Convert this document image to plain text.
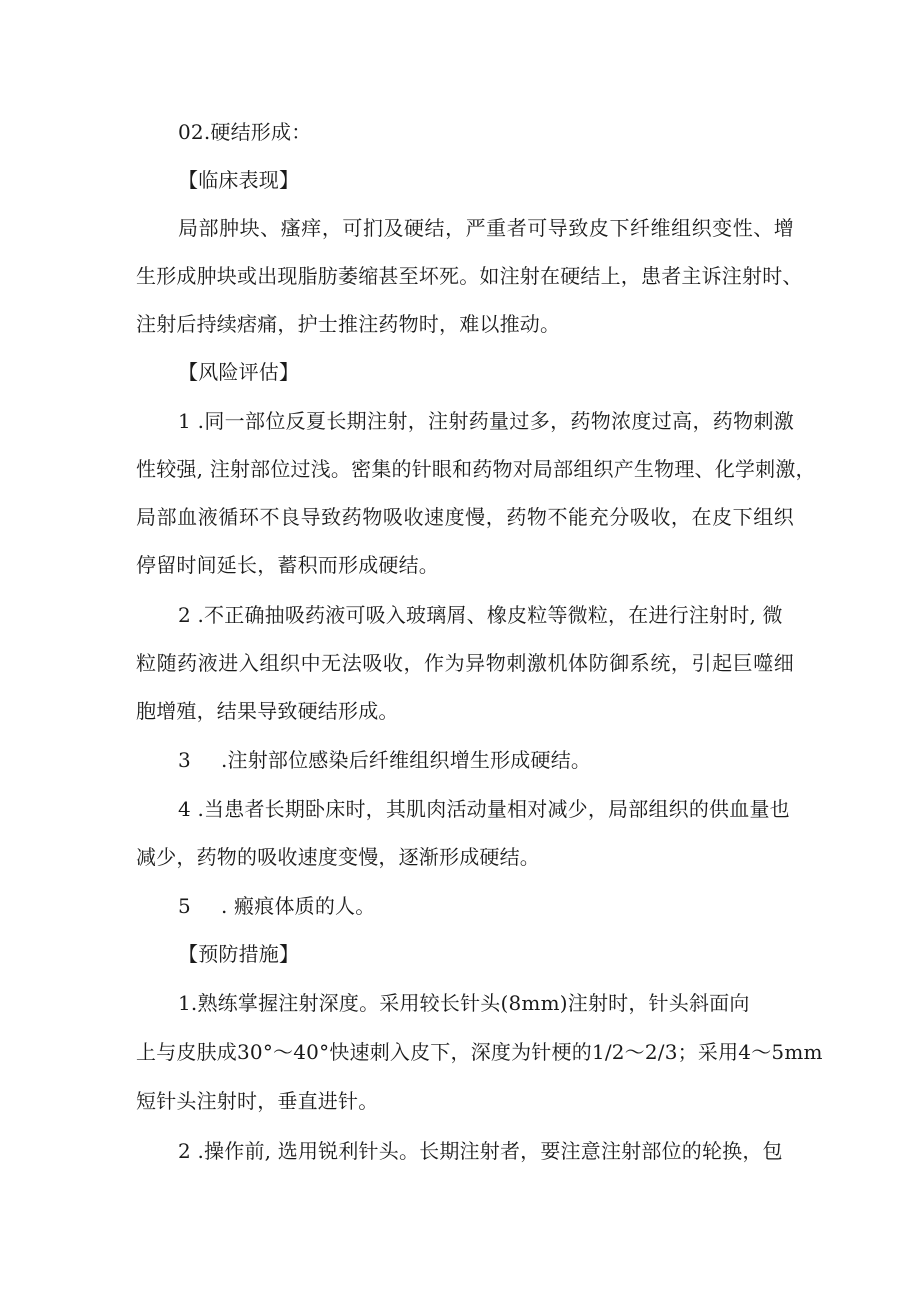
02.硬结形成：
【临床表现】
局部肿块、瘙痒，可扪及硬结，严重者可导致皮下纤维组织变性、增
生形成肿块或出现脂肪萎缩甚至坏死。如注射在硬结上，患者主诉注射时、
注射后持续痞痛，护士推注药物时，难以推动。
【风险评估】
1 .同一部位反夏长期注射，注射药量过多，药物浓度过高，药物刺激
性较强, 注射部位过浅。密集的针眼和药物对局部组织产生物理、化学刺激，
局部血液循环不良导致药物吸收速度慢，药物不能充分吸收，在皮下组织
停留时间延长，蓄积而形成硬结。
2 .不正确抽吸药液可吸入玻璃屑、橡皮粒等微粒，在进行注射时, 微
粒随药液进入组织中无法吸收，作为异物刺激机体防御系统，引起巨噬细
胞增殖，结果导致硬结形成。
3 .注射部位感染后纤维组织增生形成硬结。
4 .当患者长期卧床时，其肌肉活动量相对减少，局部组织的供血量也
减少，药物的吸收速度变慢，逐渐形成硬结。
5 . 瘢痕体质的人。
【预防措施】
1.熟练掌握注射深度。采用较长针头(8mm)注射时，针头斜面向
上与皮肤成30°〜40°快速刺入皮下，深度为针梗的1/2〜2/3；采用4〜5mm
短针头注射时，垂直进针。
2 .操作前, 选用锐利针头。长期注射者，要注意注射部位的轮换，包
